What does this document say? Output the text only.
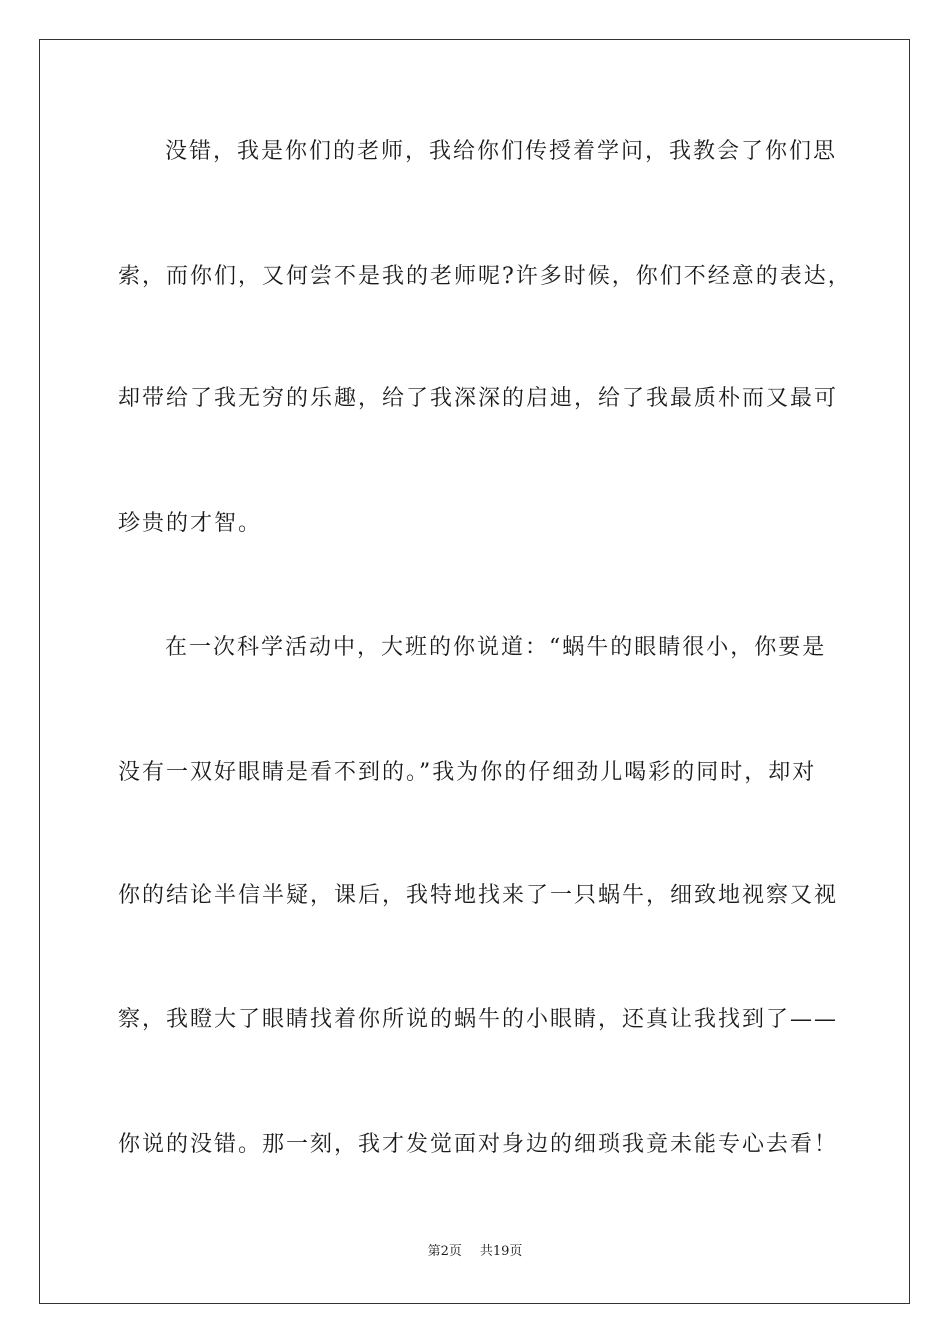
没错，我是你们的老师，我给你们传授着学问，我教会了你们思
索，而你们，又何尝不是我的老师呢?许多时候，你们不经意的表达，
却带给了我无穷的乐趣，给了我深深的启迪，给了我最质朴而又最可
珍贵的才智。
在一次科学活动中，大班的你说道：“蜗牛的眼睛很小，你要是
没有一双好眼睛是看不到的。”我为你的仔细劲儿喝彩的同时，却对
你的结论半信半疑，课后，我特地找来了一只蜗牛，细致地视察又视
察，我瞪大了眼睛找着你所说的蜗牛的小眼睛，还真让我找到了——
你说的没错。那一刻，我才发觉面对身边的细琐我竟未能专心去看！
第2页 共19页
